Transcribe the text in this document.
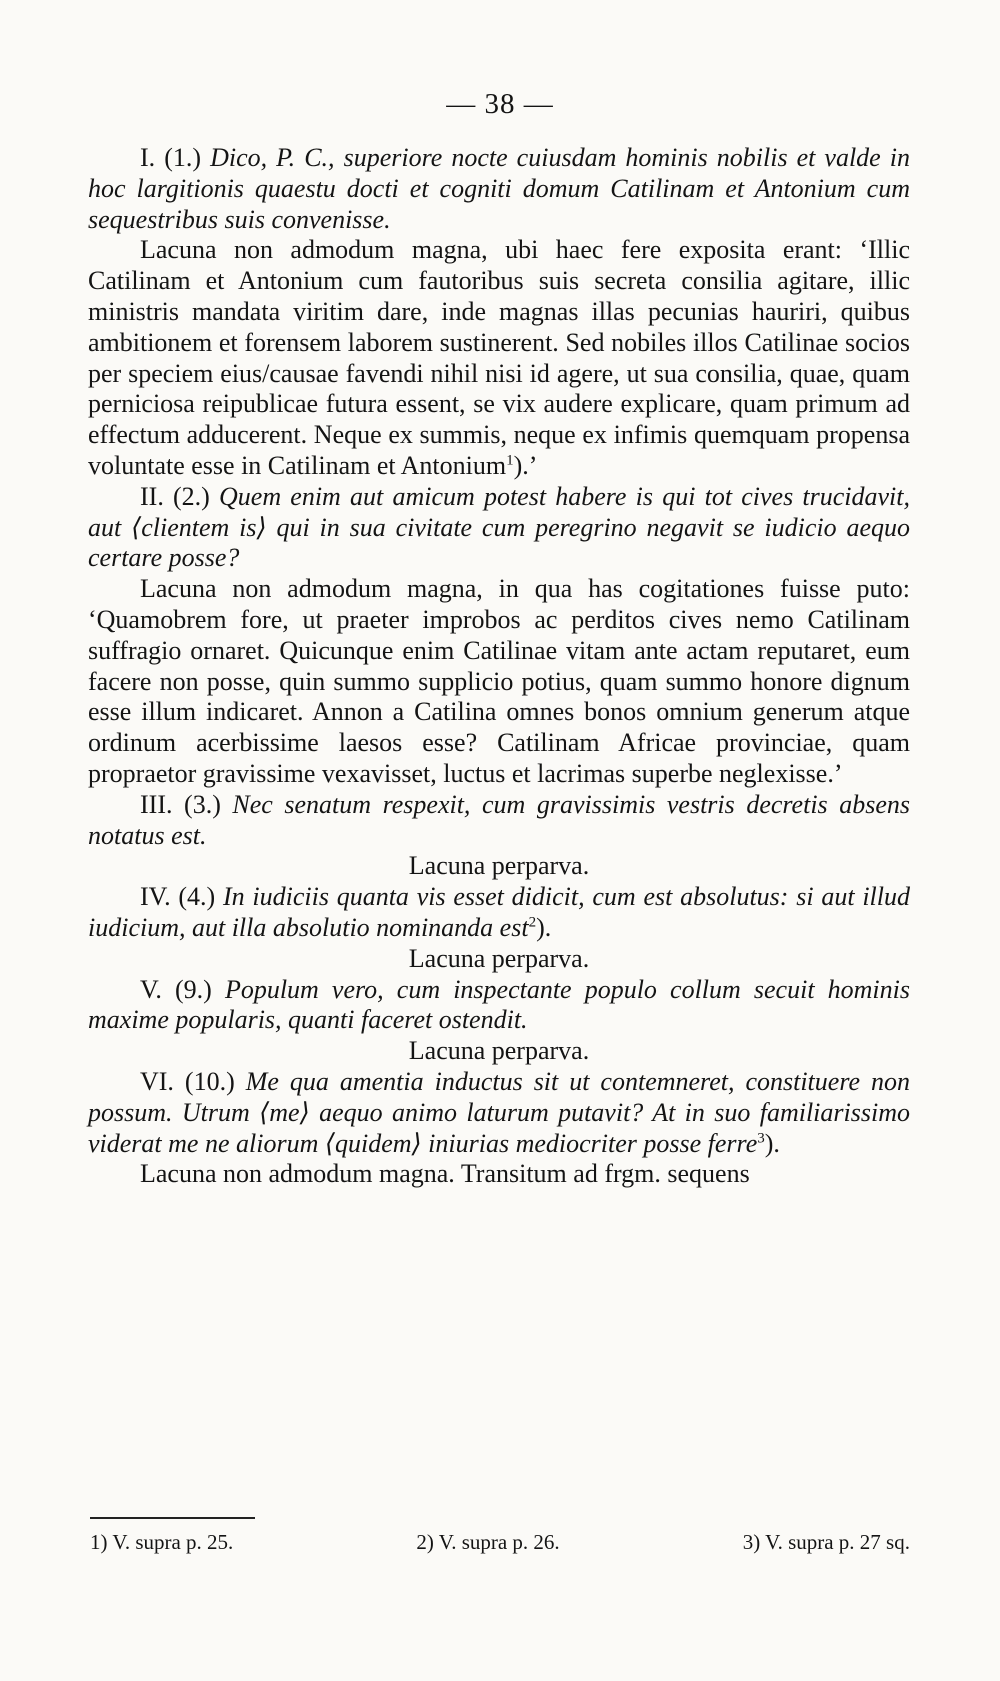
— 38 —

I. (1.) Dico, P. C., superiore nocte cuiusdam hominis nobilis et valde in hoc largitionis quaestu docti et cogniti domum Catilinam et Antonium cum sequestribus suis convenisse.

Lacuna non admodum magna, ubi haec fere exposita erant: ‘Illic Catilinam et Antonium cum fautoribus suis secreta consilia agitare, illic ministris mandata viritim dare, inde magnas illas pecunias hauriri, quibus ambitionem et forensem laborem sustinerent. Sed nobiles illos Catilinae socios per speciem eius/causae favendi nihil nisi id agere, ut sua consilia, quae, quam perniciosa reipublicae futura essent, se vix audere explicare, quam primum ad effectum adducerent. Neque ex summis, neque ex infimis quemquam propensa voluntate esse in Catilinam et Antonium$^1$).’

II. (2.) Quem enim aut amicum potest habere is qui tot cives trucidavit, aut ⟨clientem is⟩ qui in sua civitate cum peregrino negavit se iudicio aequo certare posse?

Lacuna non admodum magna, in qua has cogitationes fuisse puto: ‘Quamobrem fore, ut praeter improbos ac perditos cives nemo Catilinam suffragio ornaret. Quicunque enim Catilinae vitam ante actam reputaret, eum facere non posse, quin summo supplicio potius, quam summo honore dignum esse illum indicaret. Annon a Catilina omnes bonos omnium generum atque ordinum acerbissime laesos esse? Catilinam Africae provinciae, quam propraetor gravissime vexavisset, luctus et lacrimas superbe neglexisse.’

III. (3.) Nec senatum respexit, cum gravissimis vestris decretis absens notatus est.

Lacuna perparva.

IV. (4.) In iudiciis quanta vis esset didicit, cum est absolutus: si aut illud iudicium, aut illa absolutio nominanda est$^2$).

Lacuna perparva.

V. (9.) Populum vero, cum inspectante populo collum secuit hominis maxime popularis, quanti faceret ostendit.

Lacuna perparva.

VI. (10.) Me qua amentia inductus sit ut contemneret, constituere non possum. Utrum ⟨me⟩ aequo animo laturum putavit? At in suo familiarissimo viderat me ne aliorum ⟨quidem⟩ iniurias mediocriter posse ferre$^3$).

Lacuna non admodum magna. Transitum ad frgm. sequens

1) V. supra p. 25.	2) V. supra p. 26.	3) V. supra p. 27 sq.
